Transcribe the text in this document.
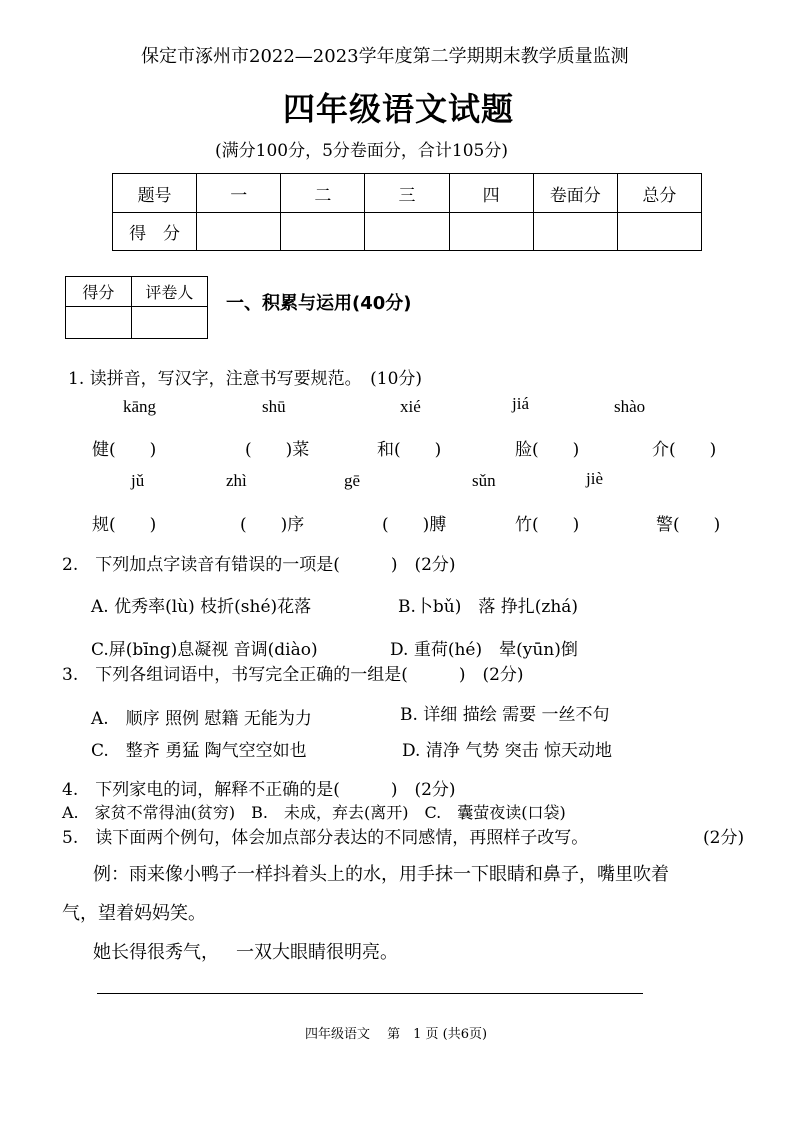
保定市涿州市2022—2023学年度第二学期期末教学质量监测
四年级语文试题
(满分100分，5分卷面分，合计105分)
题号	一	二	三	四	卷面分	总分
得　分						
得分	评卷人

一、积累与运用(40分)
1. 读拼音，写汉字，注意书写要规范。　(10分)
kāng	shū	xié	jiá	shào
健(　　)	(　　)菜	和(　　)	脸(　　)	介(　　)
jǔ	zhì	gē	sǔn	jiè
规(　　)	(　　)序	(　　)膊	竹(　　)	警(　　)
2.　下列加点字读音有错误的一项是(　　　)　(2分)
A. 优秀率(lù) 枝折(shé)花落	B.卜bǔ)　落 挣扎(zhá)
C.屏(bīng)息凝视 音调(diào)	D. 重荷(hé)　晕(yūn)倒
3.　下列各组词语中，书写完全正确的一组是(　　　)　(2分)
A.　顺序 照例 慰籍 无能为力	B. 详细 描绘 需要 一丝不句
C.　整齐 勇猛 陶气空空如也	D. 清净 气势 突击 惊天动地
4.　下列家电的词，解释不正确的是(　　　)　(2分)
A.　家贫不常得油(贫穷)　B.　未成，弃去(离开)　C.　囊萤夜读(口袋)
5.　读下面两个例句，体会加点部分表达的不同感情，再照样子改写。	(2分)
例：雨来像小鸭子一样抖着头上的水，用手抹一下眼睛和鼻子，嘴里吹着
气，望着妈妈笑。
她长得很秀气， 一双大眼睛很明亮。
四年级语文　 第　1 页 (共6页)
